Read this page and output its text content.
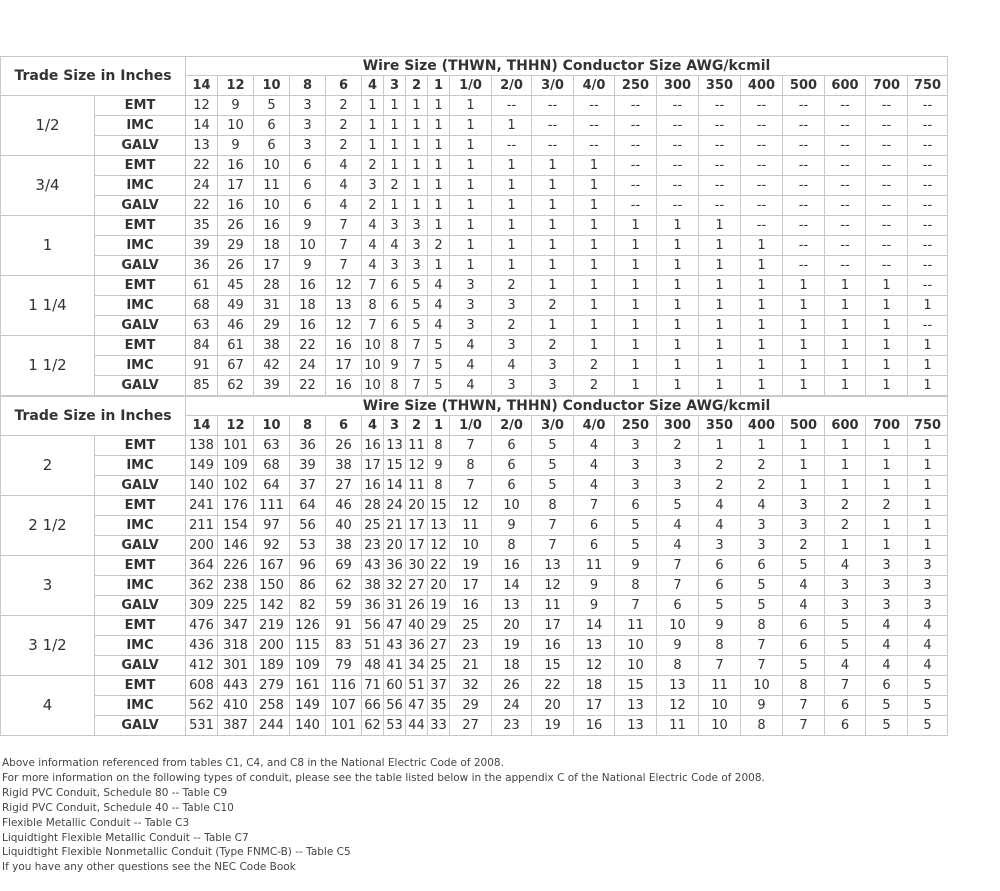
Trade Size in Inches		Wire Size (THWN, THHN) Conductor Size AWG/kcmil																				
		14	12	10	8	6	4	3	2	1	1/0	2/0	3/0	4/0	250	300	350	400	500	600	700	750
1/2	EMT	12	9	5	3	2	1	1	1	1	1	--	--	--	--	--	--	--	--	--	--	--
	IMC	14	10	6	3	2	1	1	1	1	1	1	--	--	--	--	--	--	--	--	--	--
	GALV	13	9	6	3	2	1	1	1	1	1	--	--	--	--	--	--	--	--	--	--	--
3/4	EMT	22	16	10	6	4	2	1	1	1	1	1	1	1	--	--	--	--	--	--	--	--
	IMC	24	17	11	6	4	3	2	1	1	1	1	1	1	--	--	--	--	--	--	--	--
	GALV	22	16	10	6	4	2	1	1	1	1	1	1	1	--	--	--	--	--	--	--	--
1	EMT	35	26	16	9	7	4	3	3	1	1	1	1	1	1	1	1	--	--	--	--	--
	IMC	39	29	18	10	7	4	4	3	2	1	1	1	1	1	1	1	1	--	--	--	--
	GALV	36	26	17	9	7	4	3	3	1	1	1	1	1	1	1	1	1	--	--	--	--
1 1/4	EMT	61	45	28	16	12	7	6	5	4	3	2	1	1	1	1	1	1	1	1	1	--
	IMC	68	49	31	18	13	8	6	5	4	3	3	2	1	1	1	1	1	1	1	1	1
	GALV	63	46	29	16	12	7	6	5	4	3	2	1	1	1	1	1	1	1	1	1	--
1 1/2	EMT	84	61	38	22	16	10	8	7	5	4	3	2	1	1	1	1	1	1	1	1	1
	IMC	91	67	42	24	17	10	9	7	5	4	4	3	2	1	1	1	1	1	1	1	1
	GALV	85	62	39	22	16	10	8	7	5	4	3	3	2	1	1	1	1	1	1	1	1
Trade Size in Inches		Wire Size (THWN, THHN) Conductor Size AWG/kcmil																				
		14	12	10	8	6	4	3	2	1	1/0	2/0	3/0	4/0	250	300	350	400	500	600	700	750
2	EMT	138	101	63	36	26	16	13	11	8	7	6	5	4	3	2	1	1	1	1	1	1
	IMC	149	109	68	39	38	17	15	12	9	8	6	5	4	3	3	2	2	1	1	1	1
	GALV	140	102	64	37	27	16	14	11	8	7	6	5	4	3	3	2	2	1	1	1	1
2 1/2	EMT	241	176	111	64	46	28	24	20	15	12	10	8	7	6	5	4	4	3	2	2	1
	IMC	211	154	97	56	40	25	21	17	13	11	9	7	6	5	4	4	3	3	2	1	1
	GALV	200	146	92	53	38	23	20	17	12	10	8	7	6	5	4	3	3	2	1	1	1
3	EMT	364	226	167	96	69	43	36	30	22	19	16	13	11	9	7	6	6	5	4	3	3
	IMC	362	238	150	86	62	38	32	27	20	17	14	12	9	8	7	6	5	4	3	3	3
	GALV	309	225	142	82	59	36	31	26	19	16	13	11	9	7	6	5	5	4	3	3	3
3 1/2	EMT	476	347	219	126	91	56	47	40	29	25	20	17	14	11	10	9	8	6	5	4	4
	IMC	436	318	200	115	83	51	43	36	27	23	19	16	13	10	9	8	7	6	5	4	4
	GALV	412	301	189	109	79	48	41	34	25	21	18	15	12	10	8	7	7	5	4	4	4
4	EMT	608	443	279	161	116	71	60	51	37	32	26	22	18	15	13	11	10	8	7	6	5
	IMC	562	410	258	149	107	66	56	47	35	29	24	20	17	13	12	10	9	7	6	5	5
	GALV	531	387	244	140	101	62	53	44	33	27	23	19	16	13	11	10	8	7	6	5	5
Above information referenced from tables C1, C4, and C8 in the National Electric Code of 2008.
For more information on the following types of conduit, please see the table listed below in the appendix C of the National Electric Code of 2008.
Rigid PVC Conduit, Schedule 80 -- Table C9
Rigid PVC Conduit, Schedule 40 -- Table C10
Flexible Metallic Conduit -- Table C3
Liquidtight Flexible Metallic Conduit -- Table C7
Liquidtight Flexible Nonmetallic Conduit (Type FNMC-B) -- Table C5
If you have any other questions see the NEC Code Book
